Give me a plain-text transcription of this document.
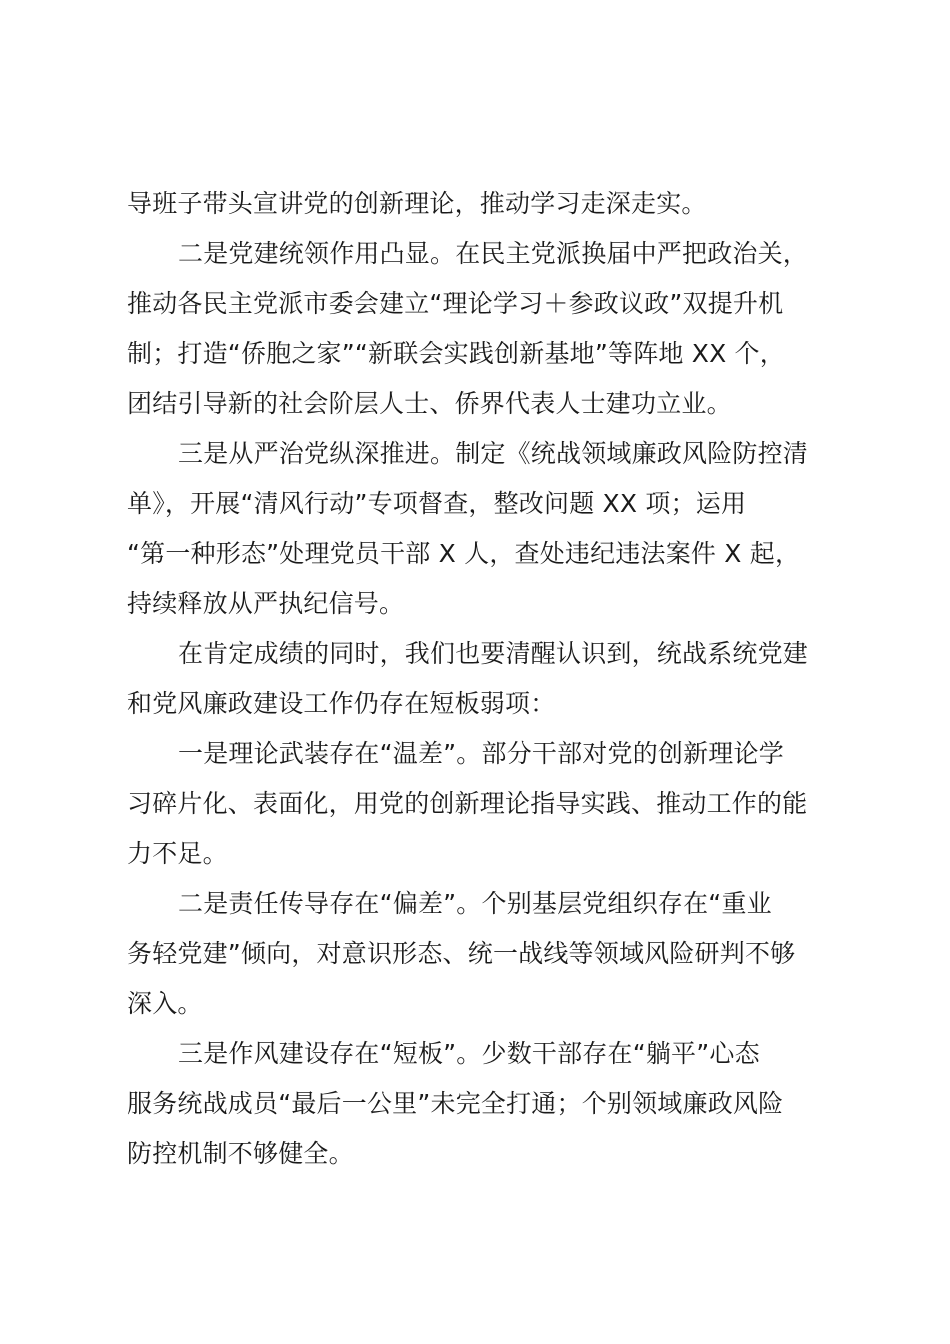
导班子带头宣讲党的创新理论，推动学习走深走实。
二是党建统领作用凸显。在民主党派换届中严把政治关，
推动各民主党派市委会建立“理论学习＋参政议政”双提升机
制；打造“侨胞之家”“新联会实践创新基地”等阵地 XX 个，
团结引导新的社会阶层人士、侨界代表人士建功立业。
三是从严治党纵深推进。制定《统战领域廉政风险防控清
单》，开展“清风行动”专项督查，整改问题 XX 项；运用
“第一种形态”处理党员干部 X 人，查处违纪违法案件 X 起，
持续释放从严执纪信号。
在肯定成绩的同时，我们也要清醒认识到，统战系统党建
和党风廉政建设工作仍存在短板弱项：
一是理论武装存在“温差”。部分干部对党的创新理论学
习碎片化、表面化，用党的创新理论指导实践、推动工作的能
力不足。
二是责任传导存在“偏差”。个别基层党组织存在“重业
务轻党建”倾向，对意识形态、统一战线等领域风险研判不够
深入。
三是作风建设存在“短板”。少数干部存在“躺平”心态
服务统战成员“最后一公里”未完全打通；个别领域廉政风险
防控机制不够健全。
